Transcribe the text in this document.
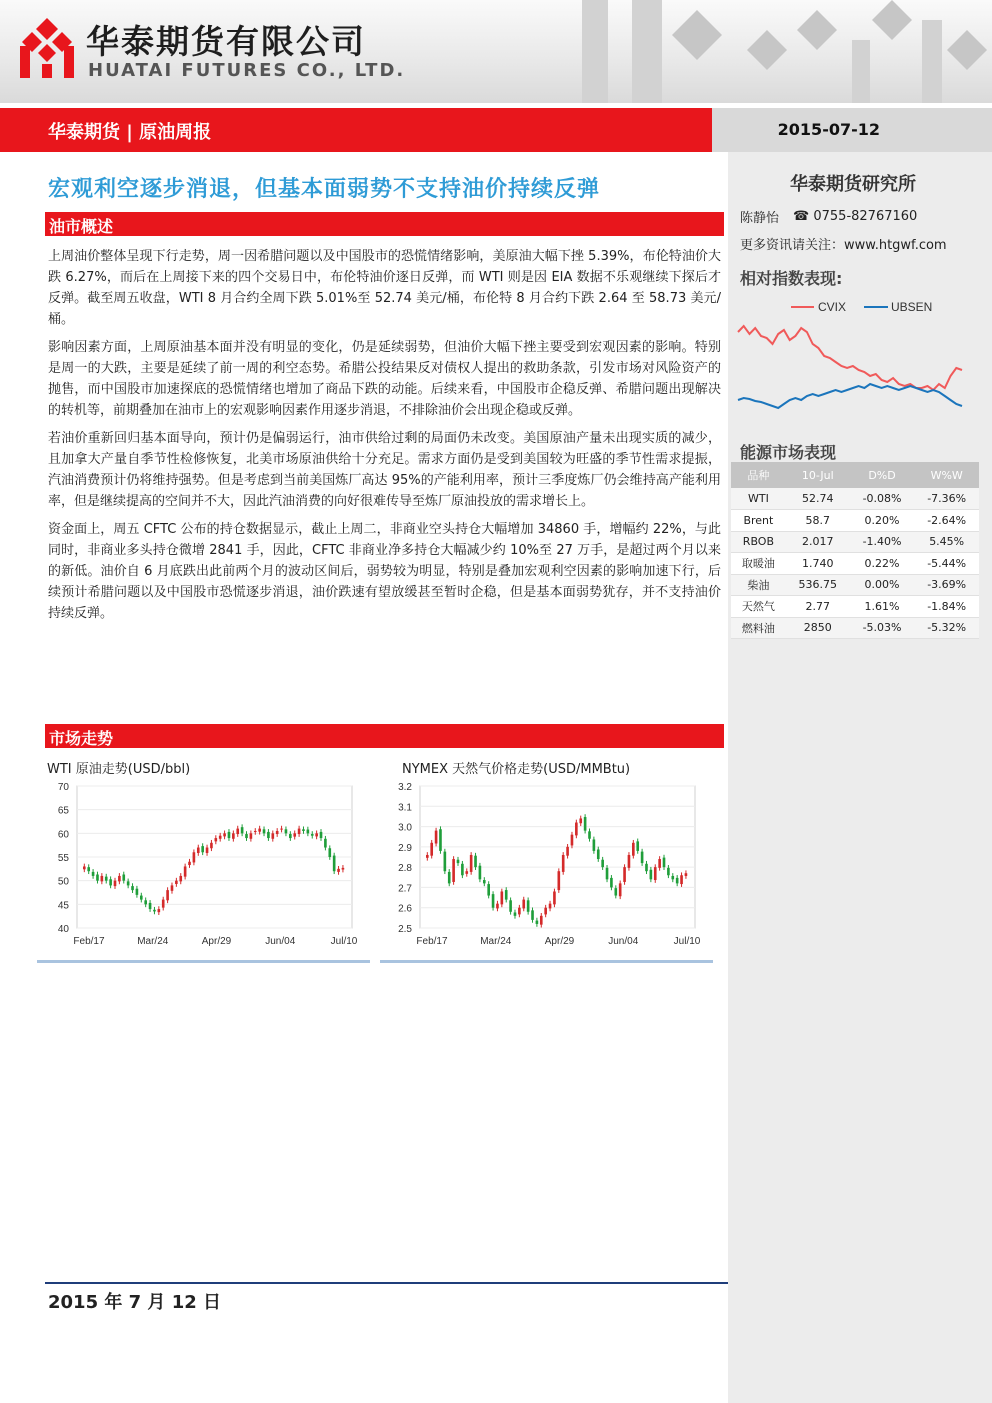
华泰期货有限公司
HUATAI FUTURES CO., LTD.
华泰期货 | 原油周报	2015-07-12
宏观利空逐步消退，但基本面弱势不支持油价持续反弹
油市概述

上周油价整体呈现下行走势，周一因希腊问题以及中国股市的恐慌情绪影响，美原油大幅下挫 5.39%，布伦特油价大跌 6.27%，而后在上周接下来的四个交易日中，布伦特油价逐日反弹，而 WTI 则是因 EIA 数据不乐观继续下探后才反弹。截至周五收盘，WTI 8 月合约全周下跌 5.01%至 52.74 美元/桶，布伦特 8 月合约下跌 2.64 至 58.73 美元/桶。

影响因素方面，上周原油基本面并没有明显的变化，仍是延续弱势，但油价大幅下挫主要受到宏观因素的影响。特别是周一的大跌，主要是延续了前一周的利空态势。希腊公投结果反对债权人提出的救助条款，引发市场对风险资产的抛售，而中国股市加速探底的恐慌情绪也增加了商品下跌的动能。后续来看，中国股市企稳反弹、希腊问题出现解决的转机等，前期叠加在油市上的宏观影响因素作用逐步消退，不排除油价会出现企稳或反弹。

若油价重新回归基本面导向，预计仍是偏弱运行，油市供给过剩的局面仍未改变。美国原油产量未出现实质的减少，且加拿大产量自季节性检修恢复，北美市场原油供给十分充足。需求方面仍是受到美国较为旺盛的季节性需求提振，汽油消费预计仍将维持强势。但是考虑到当前美国炼厂高达 95%的产能利用率，预计三季度炼厂仍会维持高产能利用率，但是继续提高的空间并不大，因此汽油消费的向好很难传导至炼厂原油投放的需求增长上。

资金面上，周五 CFTC 公布的持仓数据显示，截止上周二，非商业空头持仓大幅增加 34860 手，增幅约 22%，与此同时，非商业多头持仓微增 2841 手，因此，CFTC 非商业净多持仓大幅减少约 10%至 27 万手，是超过两个月以来的新低。油价自 6 月底跌出此前两个月的波动区间后，弱势较为明显，特别是叠加宏观利空因素的影响加速下行，后续预计希腊问题以及中国股市恐慌逐步消退，油价跌速有望放缓甚至暂时企稳，但是基本面弱势犹存，并不支持油价持续反弹。

市场走势
WTI 原油走势(USD/bbl)
40
45
50
55
60
65
70
Feb/17	Mar/24	Apr/29	Jun/04	Jul/10
NYMEX 天然气价格走势(USD/MMBtu)
2.5
2.6
2.7
2.8
2.9
3.0
3.1
3.2
Feb/17	Mar/24	Apr/29	Jun/04	Jul/10
2015 年 7 月 12 日
华泰期货研究所
陈静怡 ☎ 0755-82767160
更多资讯请关注：www.htgwf.com
相对指数表现:
CVIX	UBSEN
能源市场表现
品种	10-Jul	D%D	W%W
WTI	52.74	-0.08%	-7.36%
Brent	58.7	0.20%	-2.64%
RBOB	2.017	-1.40%	5.45%
取暖油	1.740	0.22%	-5.44%
柴油	536.75	0.00%	-3.69%
天然气	2.77	1.61%	-1.84%
燃料油	2850	-5.03%	-5.32%
